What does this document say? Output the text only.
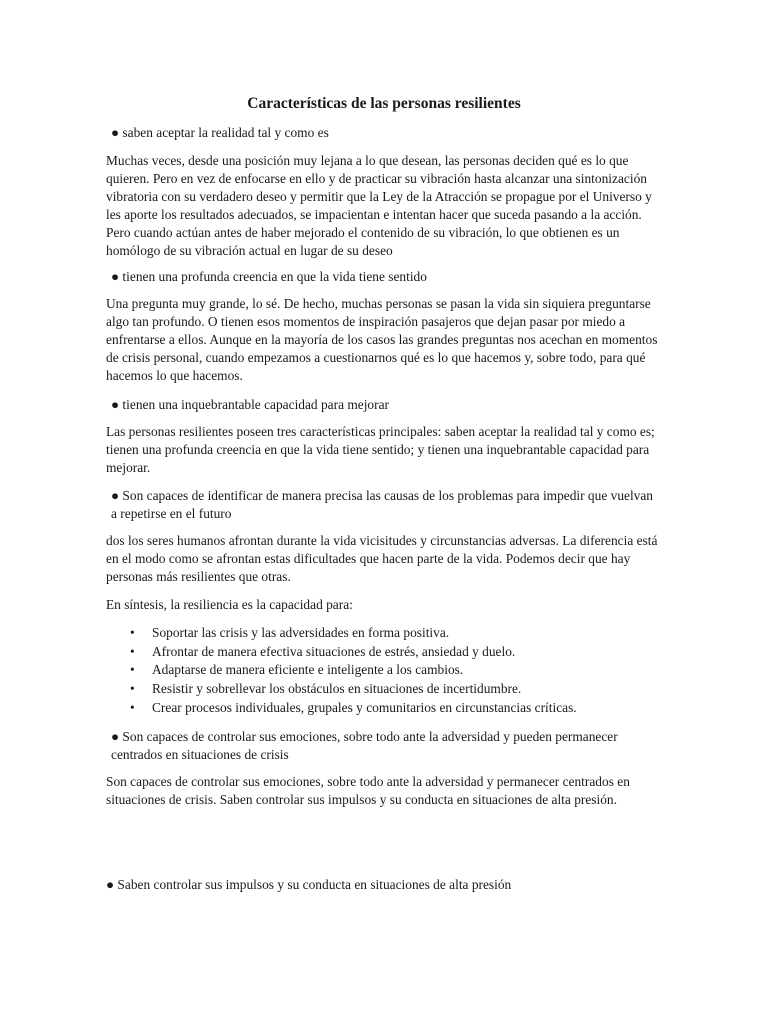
Características de las personas resilientes

● saben aceptar la realidad tal y como es

Muchas veces, desde una posición muy lejana a lo que desean, las personas deciden qué es lo que quieren. Pero en vez de enfocarse en ello y de practicar su vibración hasta alcanzar una sintonización vibratoria con su verdadero deseo y permitir que la Ley de la Atracción se propague por el Universo y les aporte los resultados adecuados, se impacientan e intentan hacer que suceda pasando a la acción. Pero cuando actúan antes de haber mejorado el contenido de su vibración, lo que obtienen es un homólogo de su vibración actual en lugar de su deseo

● tienen una profunda creencia en que la vida tiene sentido

Una pregunta muy grande, lo sé. De hecho, muchas personas se pasan la vida sin siquiera preguntarse algo tan profundo. O tienen esos momentos de inspiración pasajeros que dejan pasar por miedo a enfrentarse a ellos. Aunque en la mayoría de los casos las grandes preguntas nos acechan en momentos de crisis personal, cuando empezamos a cuestionarnos qué es lo que hacemos y, sobre todo, para qué hacemos lo que hacemos.

● tienen una inquebrantable capacidad para mejorar

Las personas resilientes poseen tres características principales: saben aceptar la realidad tal y como es; tienen una profunda creencia en que la vida tiene sentido; y tienen una inquebrantable capacidad para mejorar.

● Son capaces de identificar de manera precisa las causas de los problemas para impedir que vuelvan a repetirse en el futuro

dos los seres humanos afrontan durante la vida vicisitudes y circunstancias adversas. La diferencia está en el modo como se afrontan estas dificultades que hacen parte de la vida. Podemos decir que hay personas más resilientes que otras.

En síntesis, la resiliencia es la capacidad para:

• Soportar las crisis y las adversidades en forma positiva.
• Afrontar de manera efectiva situaciones de estrés, ansiedad y duelo.
• Adaptarse de manera eficiente e inteligente a los cambios.
• Resistir y sobrellevar los obstáculos en situaciones de incertidumbre.
• Crear procesos individuales, grupales y comunitarios en circunstancias críticas.

● Son capaces de controlar sus emociones, sobre todo ante la adversidad y pueden permanecer centrados en situaciones de crisis

Son capaces de controlar sus emociones, sobre todo ante la adversidad y permanecer centrados en situaciones de crisis. Saben controlar sus impulsos y su conducta en situaciones de alta presión.

● Saben controlar sus impulsos y su conducta en situaciones de alta presión
